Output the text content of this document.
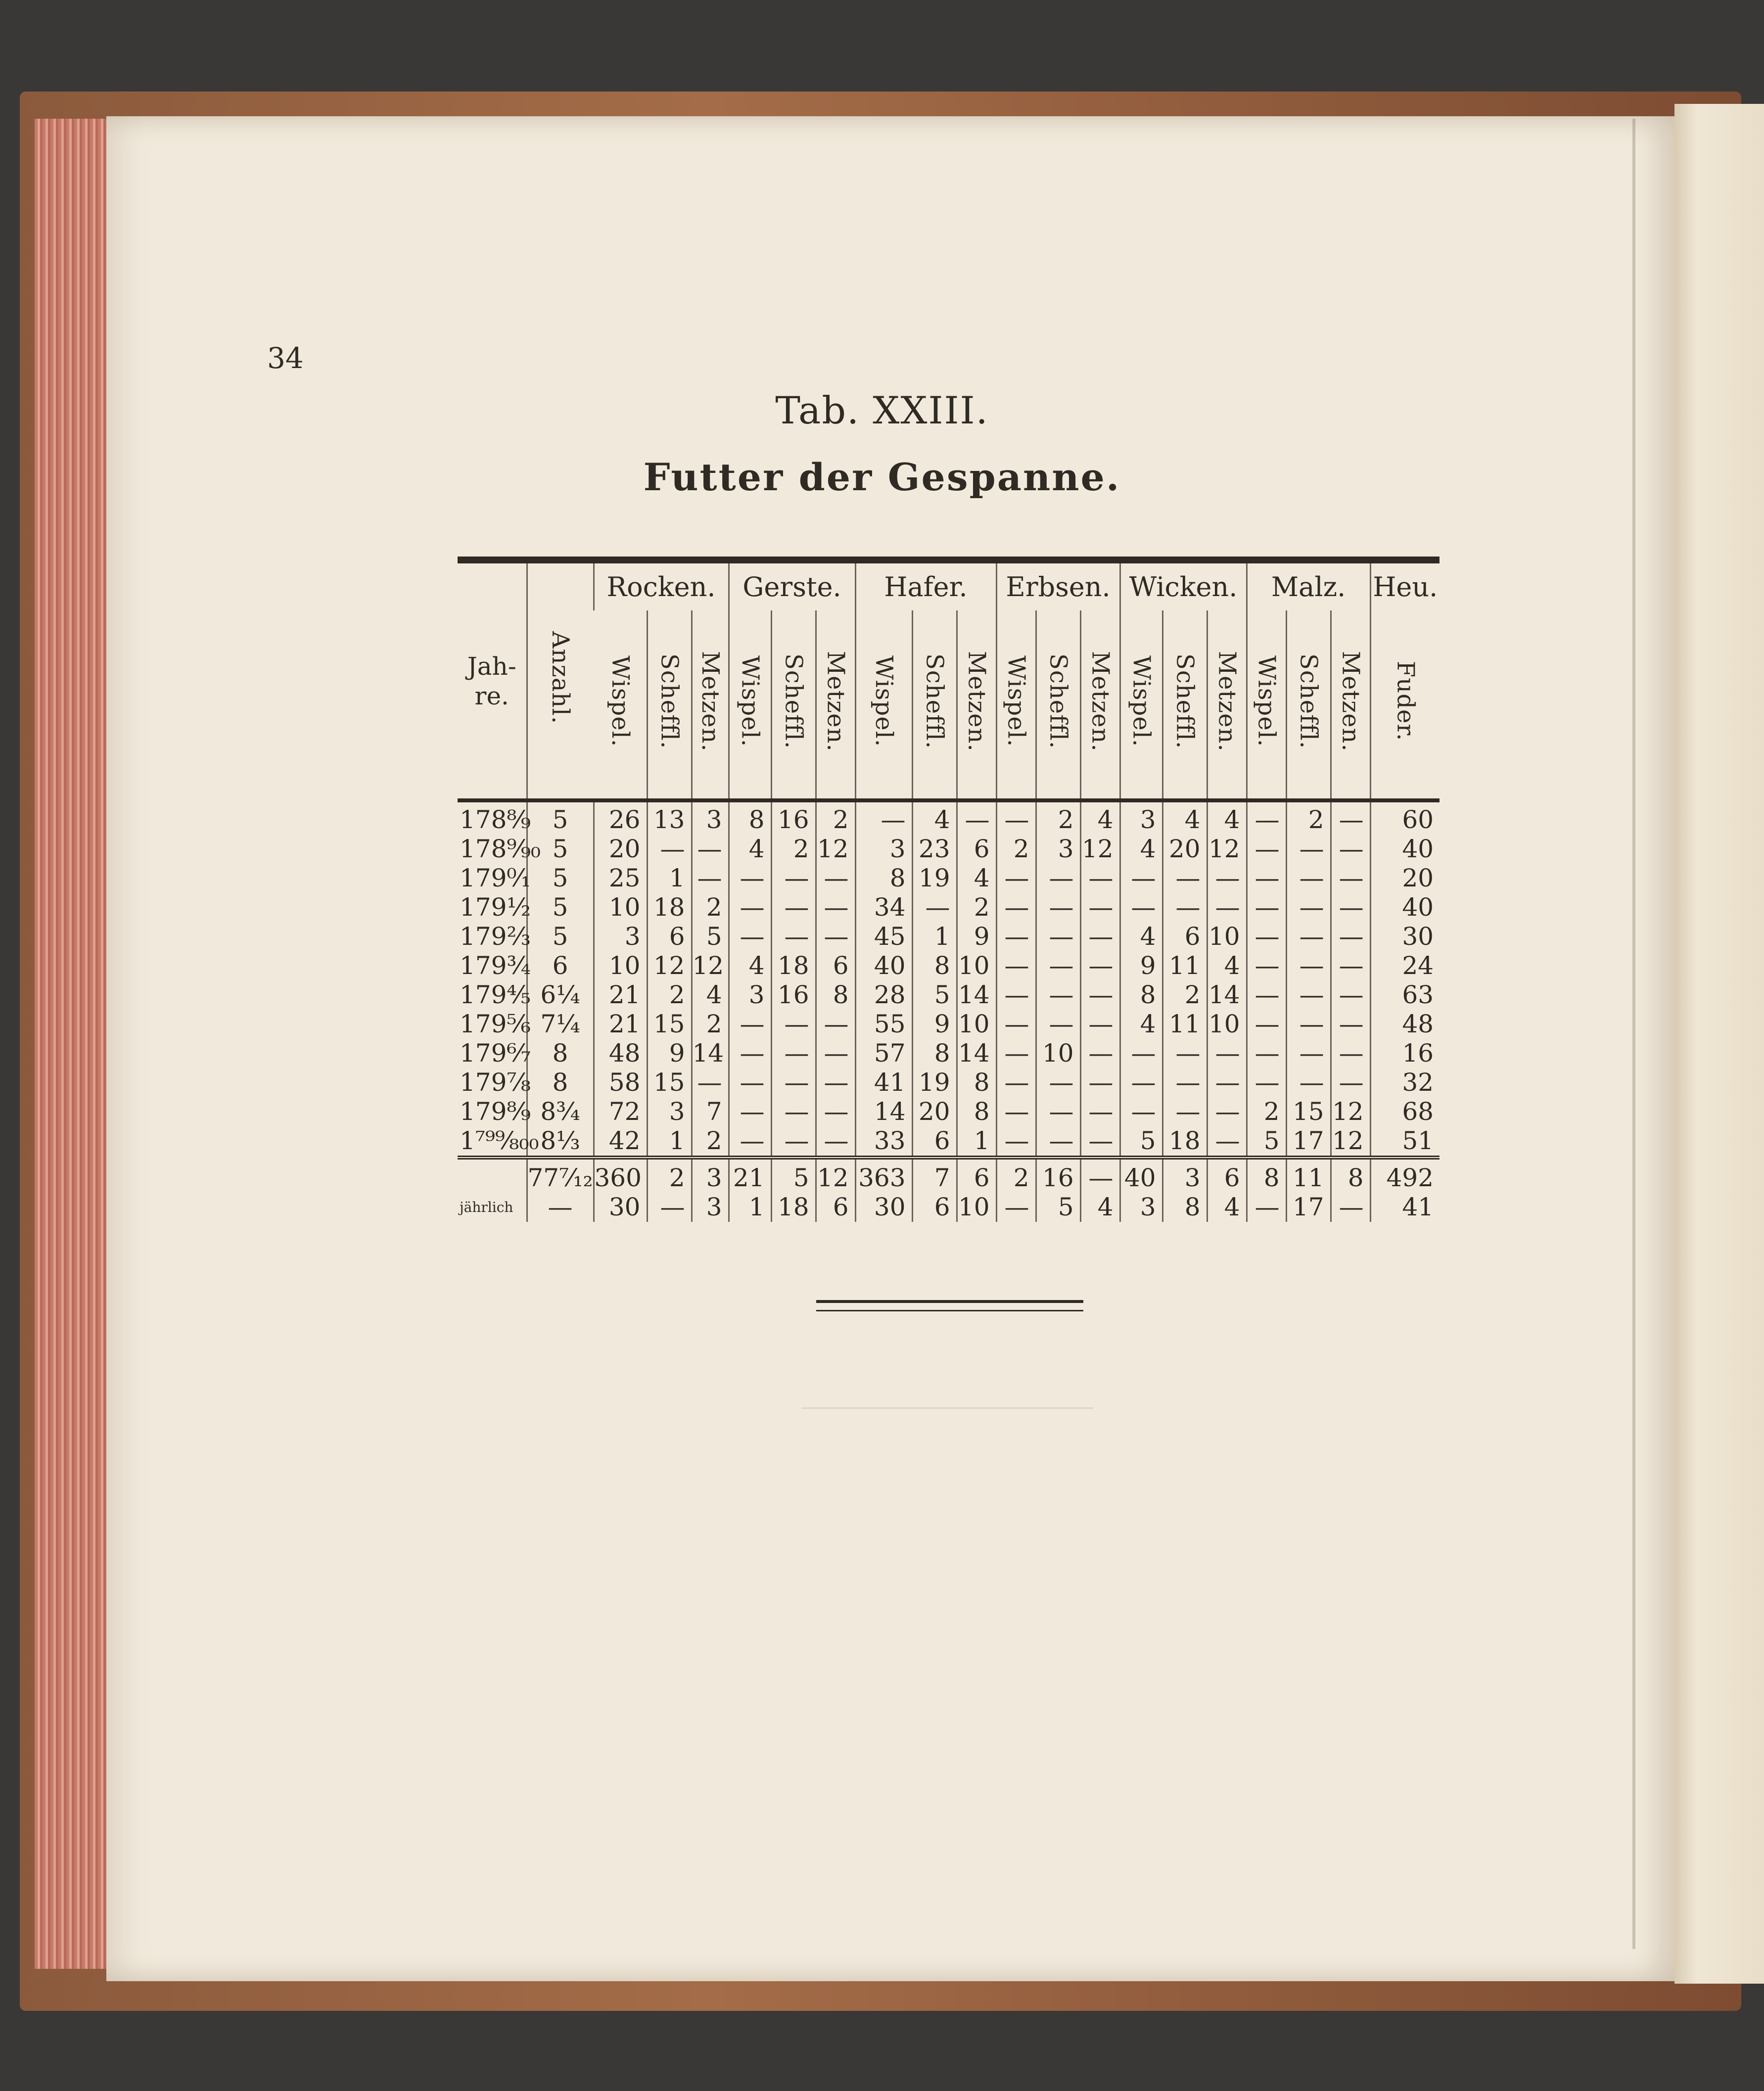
34
Tab. XXIII.
Futter der Gespanne.
Jah-
re.	Anzahl.	Rocken.			Gerste.			Hafer.			Erbsen.			Wicken.			Malz.			Heu.
		Wispel.	Scheffl.	Metzen.	Wispel.	Scheffl.	Metzen.	Wispel.	Scheffl.	Metzen.	Wispel.	Scheffl.	Metzen.	Wispel.	Scheffl.	Metzen.	Wispel.	Scheffl.	Metzen.	Fuder.
178⁸⁄₉	5	26	13	3	8	16	2	—	4	—	—	2	4	3	4	4	—	2	—	60
178⁹⁄₉₀	5	20	—	—	4	2	12	3	23	6	2	3	12	4	20	12	—	—	—	40
179⁰⁄₁	5	25	1	—	—	—	—	8	19	4	—	—	—	—	—	—	—	—	—	20
179¹⁄₂	5	10	18	2	—	—	—	34	—	2	—	—	—	—	—	—	—	—	—	40
179²⁄₃	5	3	6	5	—	—	—	45	1	9	—	—	—	4	6	10	—	—	—	30
179³⁄₄	6	10	12	12	4	18	6	40	8	10	—	—	—	9	11	4	—	—	—	24
179⁴⁄₅	6¹⁄₄	21	2	4	3	16	8	28	5	14	—	—	—	8	2	14	—	—	—	63
179⁵⁄₆	7¹⁄₄	21	15	2	—	—	—	55	9	10	—	—	—	4	11	10	—	—	—	48
179⁶⁄₇	8	48	9	14	—	—	—	57	8	14	—	10	—	—	—	—	—	—	—	16
179⁷⁄₈	8	58	15	—	—	—	—	41	19	8	—	—	—	—	—	—	—	—	—	32
179⁸⁄₉	8³⁄₄	72	3	7	—	—	—	14	20	8	—	—	—	—	—	—	2	15	12	68
1⁷⁹⁹⁄₈₀₀	8¹⁄₃	42	1	2	—	—	—	33	6	1	—	—	—	5	18	—	5	17	12	51
	77⁷⁄₁₂	360	2	3	21	5	12	363	7	6	2	16	—	40	3	6	8	11	8	492
jährlich	—	30	—	3	1	18	6	30	6	10	—	5	4	3	8	4	—	17	—	41
